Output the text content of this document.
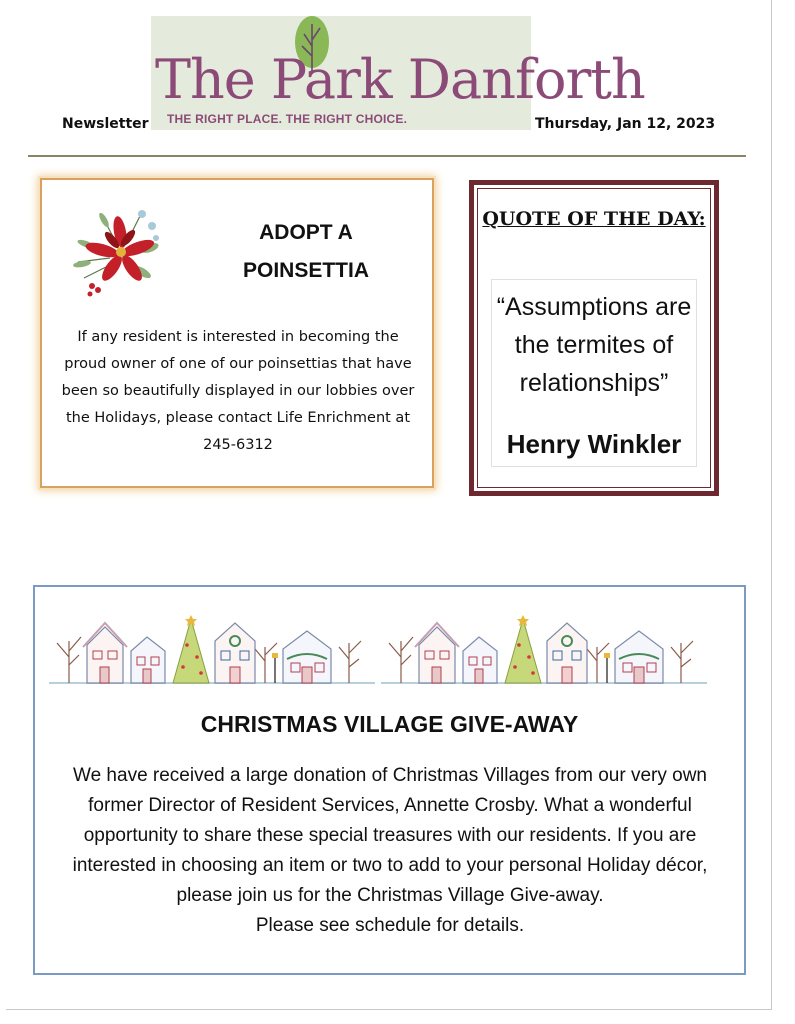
The Park Danforth
THE RIGHT PLACE. THE RIGHT CHOICE.
Newsletter	Thursday, Jan 12, 2023
ADOPT A POINSETTIA
If any resident is interested in becoming the proud owner of one of our poinsettias that have been so beautifully displayed in our lobbies over the Holidays, please contact Life Enrichment at 245-6312
QUOTE OF THE DAY:
“Assumptions are the termites of relationships”
Henry Winkler
CHRISTMAS VILLAGE GIVE-AWAY
We have received a large donation of Christmas Villages from our very own former Director of Resident Services, Annette Crosby. What a wonderful opportunity to share these special treasures with our residents. If you are interested in choosing an item or two to add to your personal Holiday décor, please join us for the Christmas Village Give-away.
Please see schedule for details.
